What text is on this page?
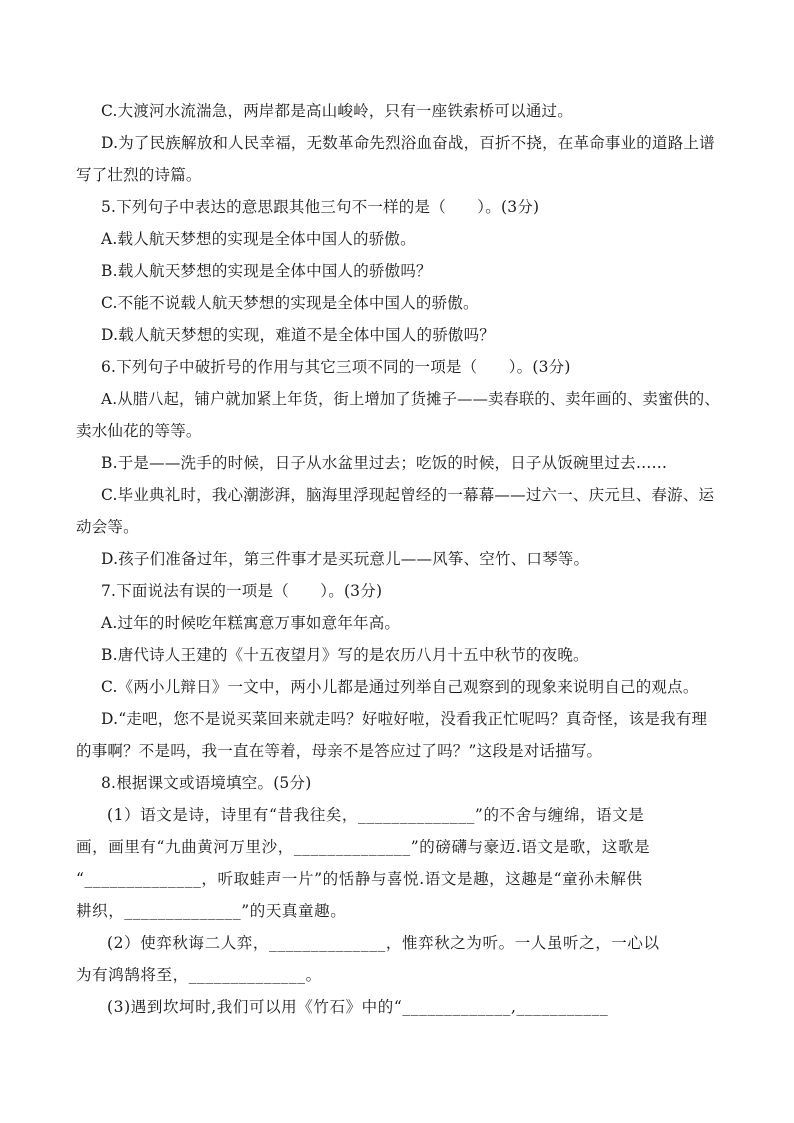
C.大渡河水流湍急，两岸都是高山峻岭，只有一座铁索桥可以通过。
D.为了民族解放和人民幸福，无数革命先烈浴血奋战，百折不挠，在革命事业的道路上谱
写了壮烈的诗篇。
5.下列句子中表达的意思跟其他三句不一样的是（　　）。(3分)
A.载人航天梦想的实现是全体中国人的骄傲。
B.载人航天梦想的实现是全体中国人的骄傲吗？
C.不能不说载人航天梦想的实现是全体中国人的骄傲。
D.载人航天梦想的实现，难道不是全体中国人的骄傲吗？
6.下列句子中破折号的作用与其它三项不同的一项是（　　）。(3分)
A.从腊八起，铺户就加紧上年货，街上增加了货摊子——卖春联的、卖年画的、卖蜜供的、
卖水仙花的等等。
B.于是——洗手的时候，日子从水盆里过去；吃饭的时候，日子从饭碗里过去……
C.毕业典礼时，我心潮澎湃，脑海里浮现起曾经的一幕幕——过六一、庆元旦、春游、运
动会等。
D.孩子们准备过年，第三件事才是买玩意儿——风筝、空竹、口琴等。
7.下面说法有误的一项是（　　）。(3分)
A.过年的时候吃年糕寓意万事如意年年高。
B.唐代诗人王建的《十五夜望月》写的是农历八月十五中秋节的夜晚。
C.《两小儿辩日》一文中，两小儿都是通过列举自己观察到的现象来说明自己的观点。
D.“走吧，您不是说买菜回来就走吗？好啦好啦，没看我正忙呢吗？真奇怪，该是我有理
的事啊？不是吗，我一直在等着，母亲不是答应过了吗？”这段是对话描写。
8.根据课文或语境填空。(5分)
(1）语文是诗，诗里有“昔我往矣，______________”的不舍与缠绵，语文是
画，画里有“九曲黄河万里沙，______________”的磅礴与豪迈.语文是歌，这歌是
“______________，听取蛙声一片”的恬静与喜悦.语文是趣，这趣是“童孙未解供
耕织，______________”的天真童趣。
(2）使弈秋诲二人弈，______________，惟弈秋之为听。一人虽听之，一心以
为有鸿鹄将至，______________。
(3)遇到坎坷时,我们可以用《竹石》中的“_____________,___________
